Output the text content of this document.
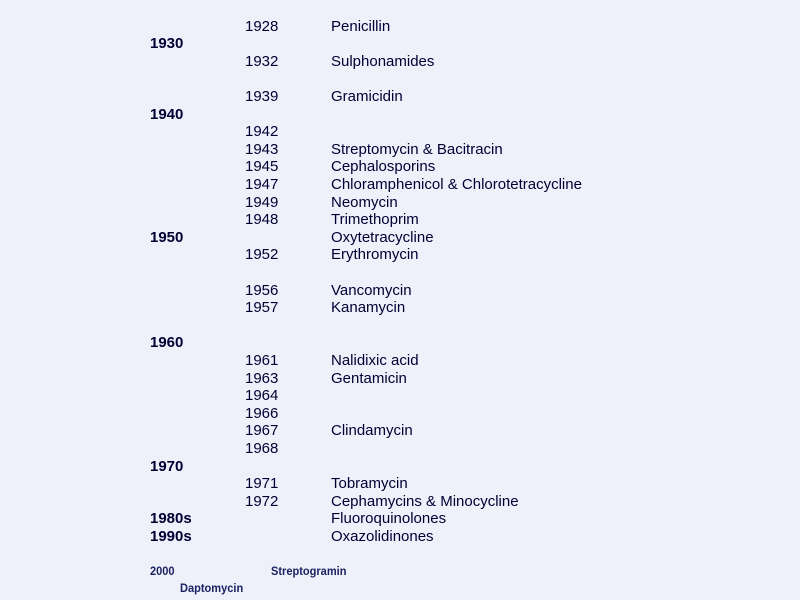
1928	Penicillin
1930
1932	Sulphonamides
1939	Gramicidin
1940
1942
1943	Streptomycin & Bacitracin
1945	Cephalosporins
1947	Chloramphenicol & Chlorotetracycline
1949	Neomycin
1948	Trimethoprim
1950	Oxytetracycline
1952	Erythromycin
1956	Vancomycin
1957	Kanamycin
1960
1961	Nalidixic acid
1963	Gentamicin
1964
1966
1967	Clindamycin
1968
1970
1971	Tobramycin
1972	Cephamycins & Minocycline
1980s	Fluoroquinolones
1990s	Oxazolidinones
2000	Streptogramin
Daptomycin
